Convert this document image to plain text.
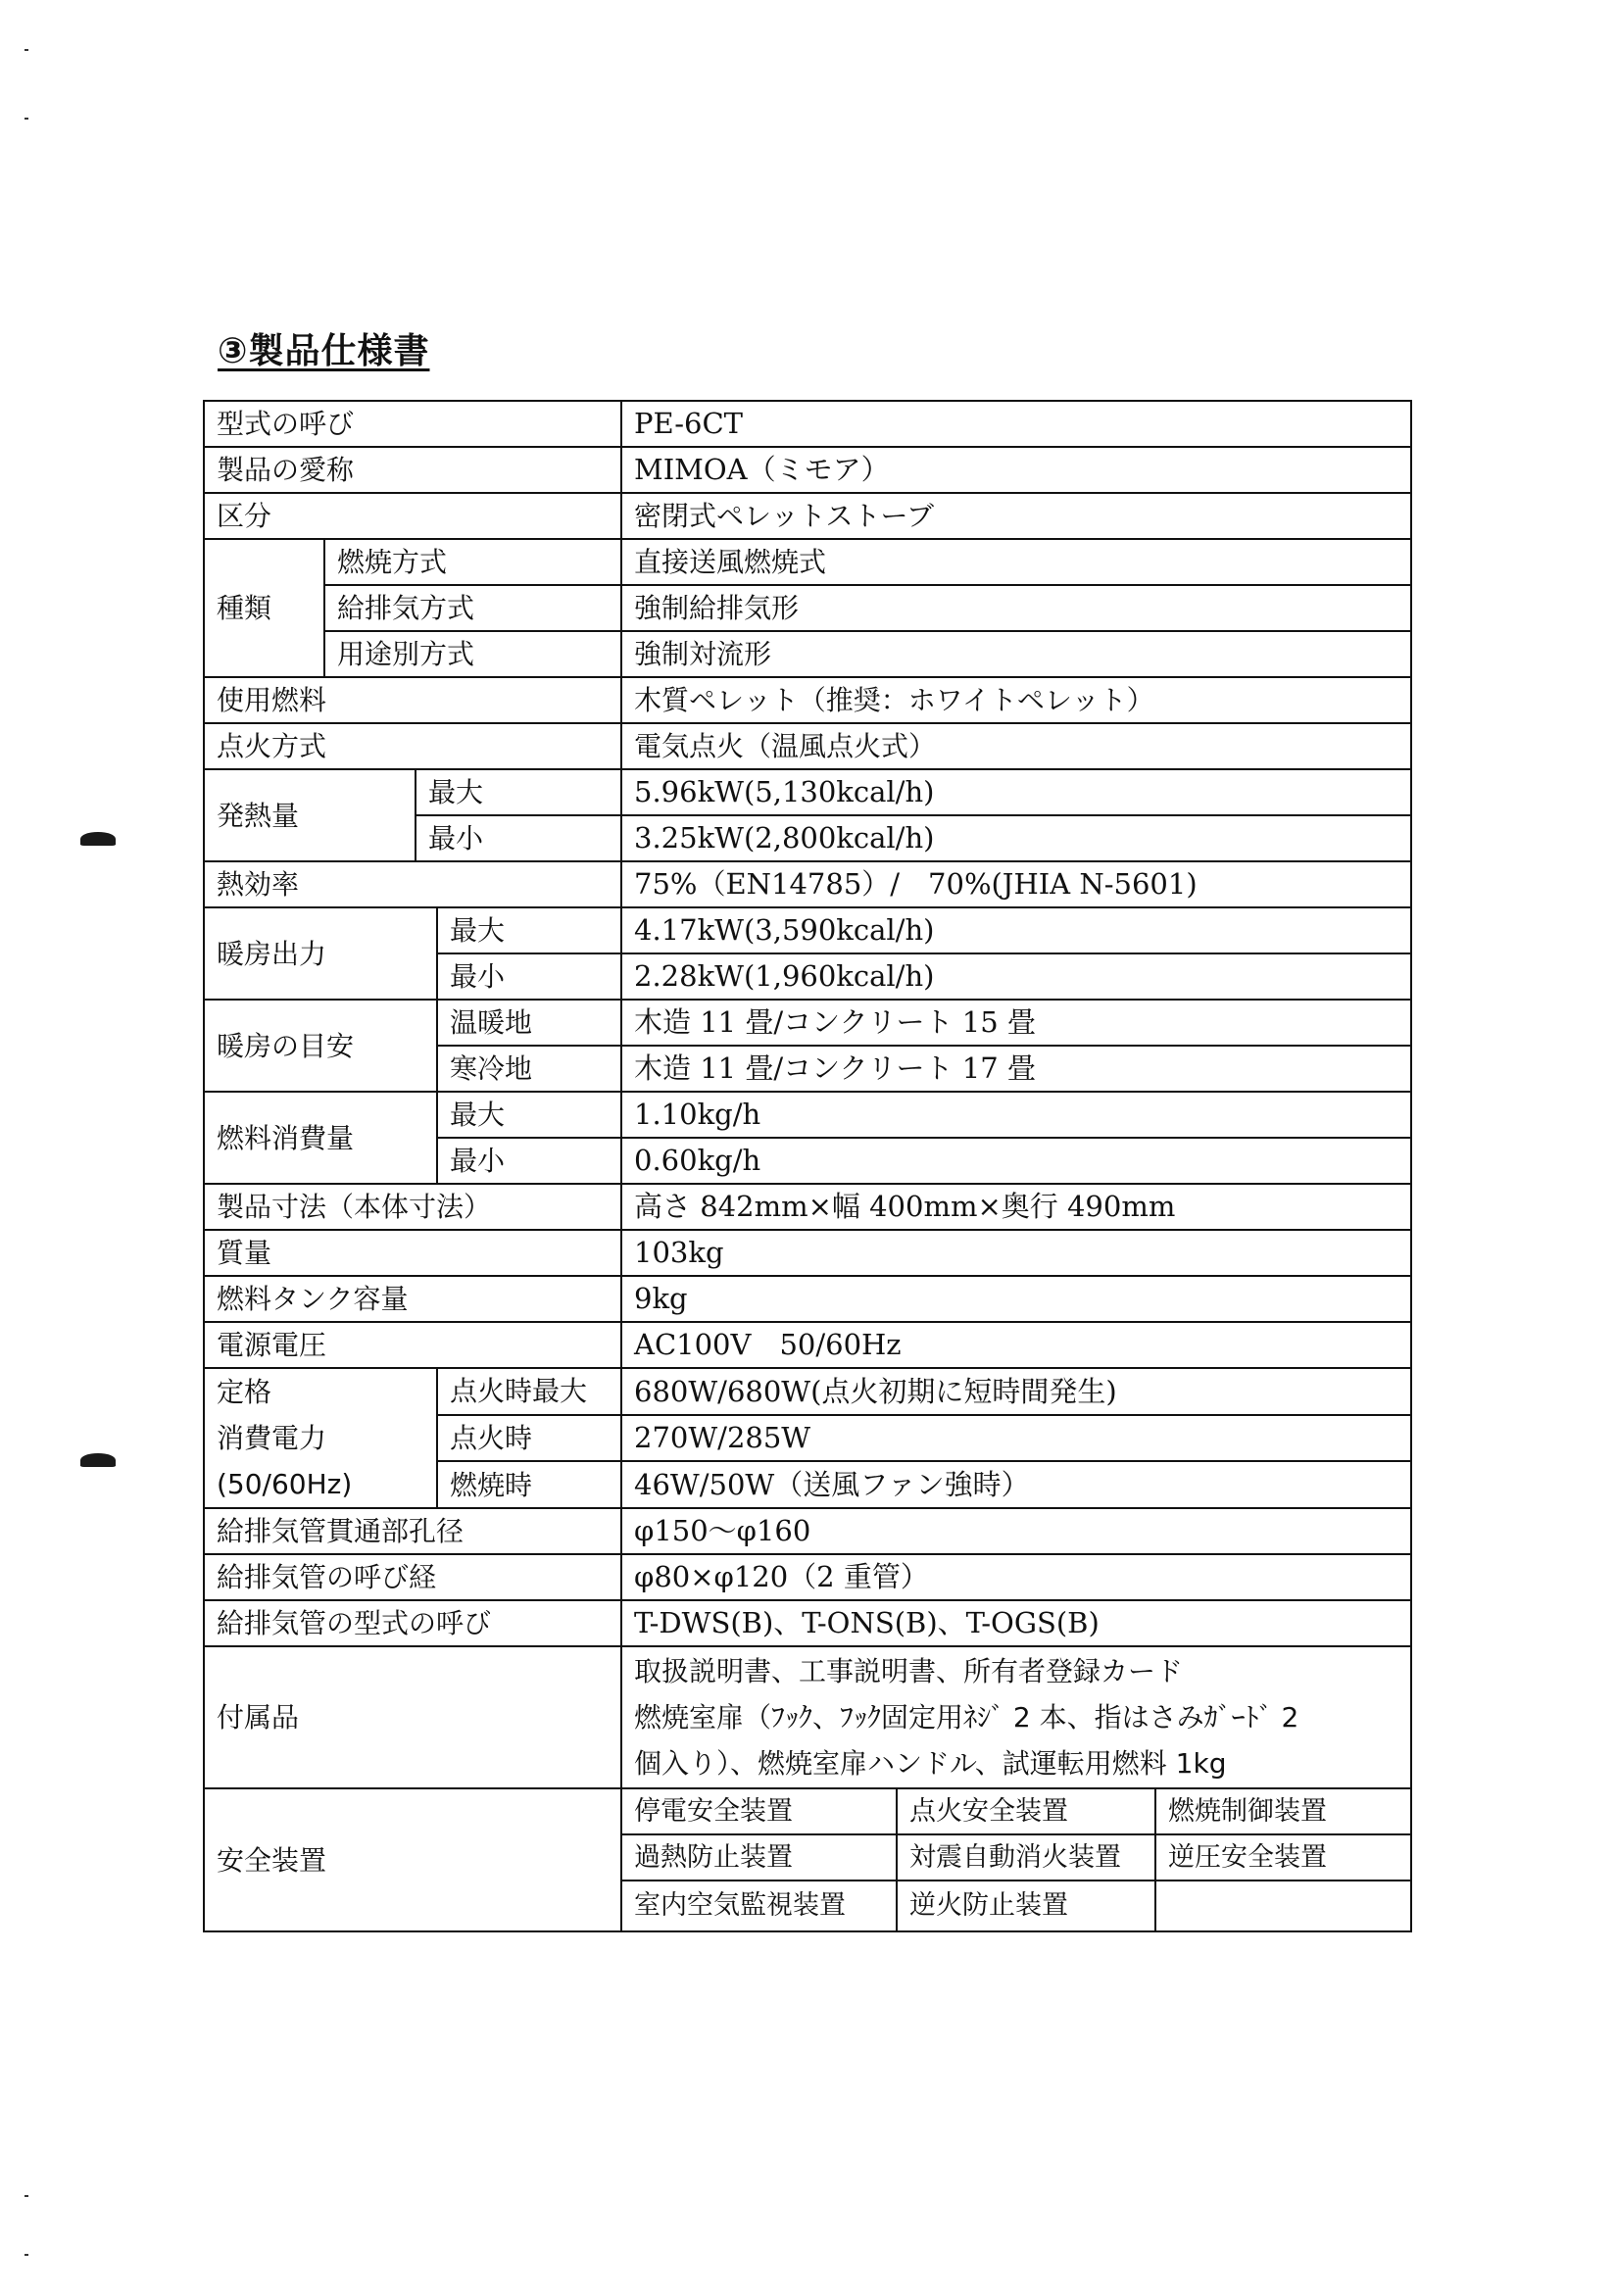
③製品仕様書
型式の呼び				PE-6CT		
製品の愛称				MIMOA（ミモア）		
区分				密閉式ペレットストーブ		
種類	燃焼方式			直接送風燃焼式		
	給排気方式			強制給排気形		
	用途別方式			強制対流形		
使用燃料				木質ペレット（推奨：ホワイトペレット）		
点火方式				電気点火（温風点火式）		
発熱量		最大		5.96kW(5,130kcal/h)		
		最小		3.25kW(2,800kcal/h)		
熱効率				75%（EN14785）/　70%(JHIA N-5601)		
暖房出力			最大	4.17kW(3,590kcal/h)		
			最小	2.28kW(1,960kcal/h)		
暖房の目安			温暖地	木造 11 畳/コンクリート 15 畳		
			寒冷地	木造 11 畳/コンクリート 17 畳		
燃料消費量			最大	1.10kg/h		
			最小	0.60kg/h		
製品寸法（本体寸法）				高さ 842mm×幅 400mm×奥行 490mm		
質量				103kg		
燃料タンク容量				9kg		
電源電圧				AC100V　50/60Hz		

定格
消費電力
(50/60Hz)			点火時最大	680W/680W(点火初期に短時間発生)		
			点火時	270W/285W		
			燃焼時	46W/50W（送風ファン強時）		
給排気管貫通部孔径				φ150～φ160		
給排気管の呼び経				φ80×φ120（2 重管）		
給排気管の型式の呼び				T-DWS(B)、T-ONS(B)、T-OGS(B)		
付属品				取扱説明書、工事説明書、所有者登録カード
燃焼室扉（ﾌｯｸ、ﾌｯｸ固定用ﾈｼﾞ 2 本、指はさみｶﾞｰﾄﾞ 2
個入り）、燃焼室扉ハンドル、試運転用燃料 1kg		

安全装置				停電安全装置	点火安全装置	燃焼制御装置
				過熱防止装置	対震自動消火装置	逆圧安全装置
				室内空気監視装置	逆火防止装置	
